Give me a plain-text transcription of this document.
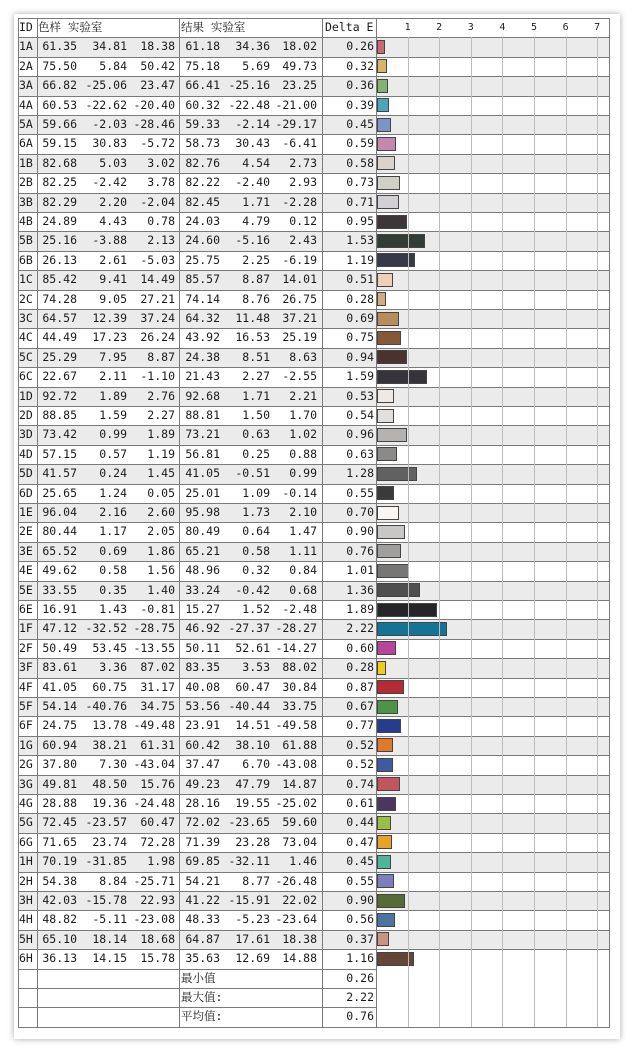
ID 色样 实验室	结果 实验室	Delta E	1	2	3	4	5	6	7
1A 61.35	34.81	18.38 61.18	34.36	18.02	0.26
2A 75.50	5.84	50.42 75.18	5.69	49.73	0.32
3A 66.82 -25.06	23.47 66.41 -25.16	23.25	0.36
4A 60.53 -22.62 -20.40 60.32 -22.48 -21.00	0.39
5A 59.66	-2.03 -28.46 59.33	-2.14 -29.17	0.45
6A 59.15	30.83	-5.72 58.73	30.43	-6.41	0.59
1B 82.68	5.03	3.02 82.76	4.54	2.73	0.58
2B 82.25	-2.42	3.78 82.22	-2.40	2.93	0.73
3B 82.29	2.20	-2.04 82.45	1.71	-2.28	0.71
4B 24.89	4.43	0.78 24.03	4.79	0.12	0.95
5B 25.16	-3.88	2.13 24.60	-5.16	2.43	1.53
6B 26.13	2.61	-5.03 25.75	2.25	-6.19	1.19
1C 85.42	9.41	14.49 85.57	8.87	14.01	0.51
2C 74.28	9.05	27.21 74.14	8.76	26.75	0.28
3C 64.57	12.39	37.24 64.32	11.48	37.21	0.69
4C 44.49	17.23	26.24 43.92	16.53	25.19	0.75
5C 25.29	7.95	8.87 24.38	8.51	8.63	0.94
6C 22.67	2.11	-1.10 21.43	2.27	-2.55	1.59
1D 92.72	1.89	2.76 92.68	1.71	2.21	0.53
2D 88.85	1.59	2.27 88.81	1.50	1.70	0.54
3D 73.42	0.99	1.89 73.21	0.63	1.02	0.96
4D 57.15	0.57	1.19 56.81	0.25	0.88	0.63
5D 41.57	0.24	1.45 41.05	-0.51	0.99	1.28
6D 25.65	1.24	0.05 25.01	1.09	-0.14	0.55
1E 96.04	2.16	2.60 95.98	1.73	2.10	0.70
2E 80.44	1.17	2.05 80.49	0.64	1.47	0.90
3E 65.52	0.69	1.86 65.21	0.58	1.11	0.76
4E 49.62	0.58	1.56 48.96	0.32	0.84	1.01
5E 33.55	0.35	1.40 33.24	-0.42	0.68	1.36
6E 16.91	1.43	-0.81 15.27	1.52	-2.48	1.89
1F 47.12 -32.52 -28.75 46.92 -27.37 -28.27	2.22
2F 50.49	53.45 -13.55 50.11	52.61 -14.27	0.60
3F 83.61	3.36	87.02 83.35	3.53	88.02	0.28
4F 41.05	60.75	31.17 40.08	60.47	30.84	0.87
5F 54.14 -40.76	34.75 53.56 -40.44	33.75	0.67
6F 24.75	13.78 -49.48 23.91	14.51 -49.58	0.77
1G 60.94	38.21	61.31 60.42	38.10	61.88	0.52
2G 37.80	7.30 -43.04 37.47	6.70 -43.08	0.52
3G 49.81	48.50	15.76 49.23	47.79	14.87	0.74
4G 28.88	19.36 -24.48 28.16	19.55 -25.02	0.61
5G 72.45 -23.57	60.47 72.02 -23.65	59.60	0.44
6G 71.65	23.74	72.28 71.39	23.28	73.04	0.47
1H 70.19 -31.85	1.98 69.85 -32.11	1.46	0.45
2H 54.38	8.84 -25.71 54.21	8.77 -26.48	0.55
3H 42.03 -15.78	22.93 41.22 -15.91	22.02	0.90
4H 48.82	-5.11 -23.08 48.33	-5.23 -23.64	0.56
5H 65.10	18.14	18.68 64.87	17.61	18.38	0.37
6H 36.13	14.15	15.78 35.63	12.69	14.88	1.16
最小值	0.26
最大值:	2.22
平均值:	0.76
